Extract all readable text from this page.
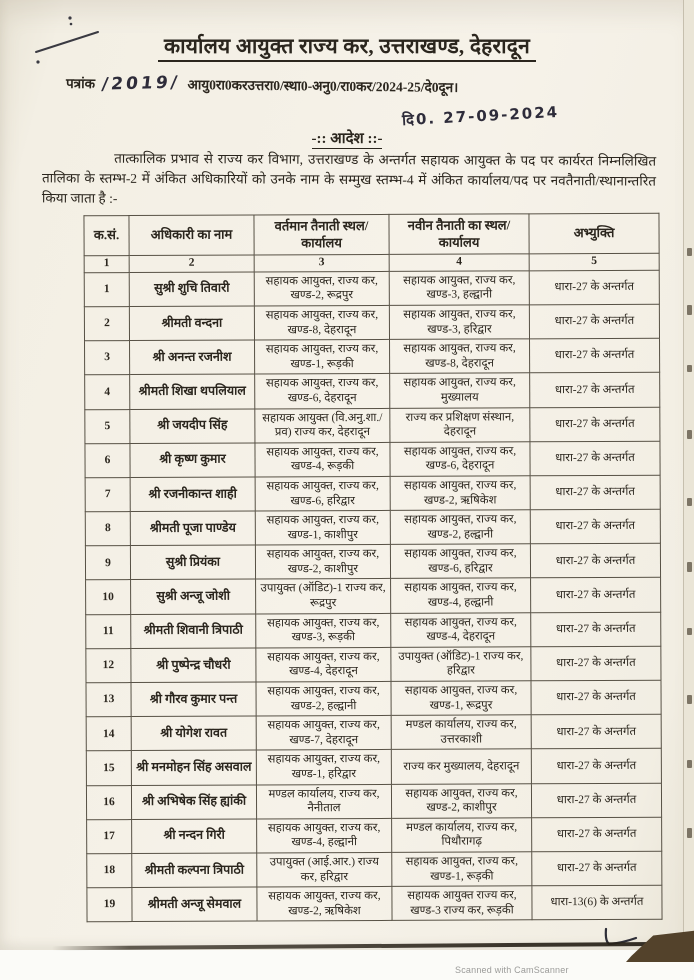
कार्यालय आयुक्त राज्य कर, उत्तराखण्ड, देहरादून
पत्रांक /2019/ आयु0रा0करउत्तरा0/स्था0-अनु0/रा0कर/2024-25/दे0दून।
दि0. 27-09-2024
-:: आदेश ::-
तात्कालिक प्रभाव से राज्य कर विभाग, उत्तराखण्ड के अन्तर्गत सहायक आयुक्त के पद पर कार्यरत निम्नलिखित तालिका के स्तम्भ-2 में अंकित अधिकारियों को उनके नाम के सम्मुख स्तम्भ-4 में अंकित कार्यालय/पद पर नवतैनाती/स्थानान्तरित किया जाता है :-
क.सं.	अधिकारी का नाम	वर्तमान तैनाती स्थल/कार्यालय	नवीन तैनाती का स्थल/कार्यालय	अभ्युक्ति
1	2	3	4	5
1	सुश्री शुचि तिवारी	सहायक आयुक्त, राज्य कर, खण्ड-2, रूद्रपुर	सहायक आयुक्त, राज्य कर, खण्ड-3, हल्द्वानी	धारा-27 के अन्तर्गत
2	श्रीमती वन्दना	सहायक आयुक्त, राज्य कर, खण्ड-8, देहरादून	सहायक आयुक्त, राज्य कर, खण्ड-3, हरिद्वार	धारा-27 के अन्तर्गत
3	श्री अनन्त रजनीश	सहायक आयुक्त, राज्य कर, खण्ड-1, रूड़की	सहायक आयुक्त, राज्य कर, खण्ड-8, देहरादून	धारा-27 के अन्तर्गत
4	श्रीमती शिखा थपलियाल	सहायक आयुक्त, राज्य कर, खण्ड-6, देहरादून	सहायक आयुक्त, राज्य कर, मुख्यालय	धारा-27 के अन्तर्गत
5	श्री जयदीप सिंह	सहायक आयुक्त (वि.अनु.शा./प्रव) राज्य कर, देहरादून	राज्य कर प्रशिक्षण संस्थान, देहरादून	धारा-27 के अन्तर्गत
6	श्री कृष्ण कुमार	सहायक आयुक्त, राज्य कर, खण्ड-4, रूड़की	सहायक आयुक्त, राज्य कर, खण्ड-6, देहरादून	धारा-27 के अन्तर्गत
7	श्री रजनीकान्त शाही	सहायक आयुक्त, राज्य कर, खण्ड-6, हरिद्वार	सहायक आयुक्त, राज्य कर, खण्ड-2, ऋषिकेश	धारा-27 के अन्तर्गत
8	श्रीमती पूजा पाण्डेय	सहायक आयुक्त, राज्य कर, खण्ड-1, काशीपुर	सहायक आयुक्त, राज्य कर, खण्ड-2, हल्द्वानी	धारा-27 के अन्तर्गत
9	सुश्री प्रियंका	सहायक आयुक्त, राज्य कर, खण्ड-2, काशीपुर	सहायक आयुक्त, राज्य कर, खण्ड-6, हरिद्वार	धारा-27 के अन्तर्गत
10	सुश्री अन्जू जोशी	उपायुक्त (ऑडिट)-1 राज्य कर, रूद्रपुर	सहायक आयुक्त, राज्य कर, खण्ड-4, हल्द्वानी	धारा-27 के अन्तर्गत
11	श्रीमती शिवानी त्रिपाठी	सहायक आयुक्त, राज्य कर, खण्ड-3, रूड़की	सहायक आयुक्त, राज्य कर, खण्ड-4, देहरादून	धारा-27 के अन्तर्गत
12	श्री पुष्पेन्द्र चौधरी	सहायक आयुक्त, राज्य कर, खण्ड-4, देहरादून	उपायुक्त (ऑडिट)-1 राज्य कर, हरिद्वार	धारा-27 के अन्तर्गत
13	श्री गौरव कुमार पन्त	सहायक आयुक्त, राज्य कर, खण्ड-2, हल्द्वानी	सहायक आयुक्त, राज्य कर, खण्ड-1, रूद्रपुर	धारा-27 के अन्तर्गत
14	श्री योगेश रावत	सहायक आयुक्त, राज्य कर, खण्ड-7, देहरादून	मण्डल कार्यालय, राज्य कर, उत्तरकाशी	धारा-27 के अन्तर्गत
15	श्री मनमोहन सिंह असवाल	सहायक आयुक्त, राज्य कर, खण्ड-1, हरिद्वार	राज्य कर मुख्यालय, देहरादून	धारा-27 के अन्तर्गत
16	श्री अभिषेक सिंह ह्यांकी	मण्डल कार्यालय, राज्य कर, नैनीताल	सहायक आयुक्त, राज्य कर, खण्ड-2, काशीपुर	धारा-27 के अन्तर्गत
17	श्री नन्दन गिरी	सहायक आयुक्त, राज्य कर, खण्ड-4, हल्द्वानी	मण्डल कार्यालय, राज्य कर, पिथौरागढ़	धारा-27 के अन्तर्गत
18	श्रीमती कल्पना त्रिपाठी	उपायुक्त (आई.आर.) राज्य कर, हरिद्वार	सहायक आयुक्त, राज्य कर, खण्ड-1, रूड़की	धारा-27 के अन्तर्गत
19	श्रीमती अन्जू सेमवाल	सहायक आयुक्त, राज्य कर, खण्ड-2, ऋषिकेश	सहायक आयुक्त राज्य कर, खण्ड-3 राज्य कर, रूड़की	धारा-13(6) के अन्तर्गत
Scanned with CamScanner
